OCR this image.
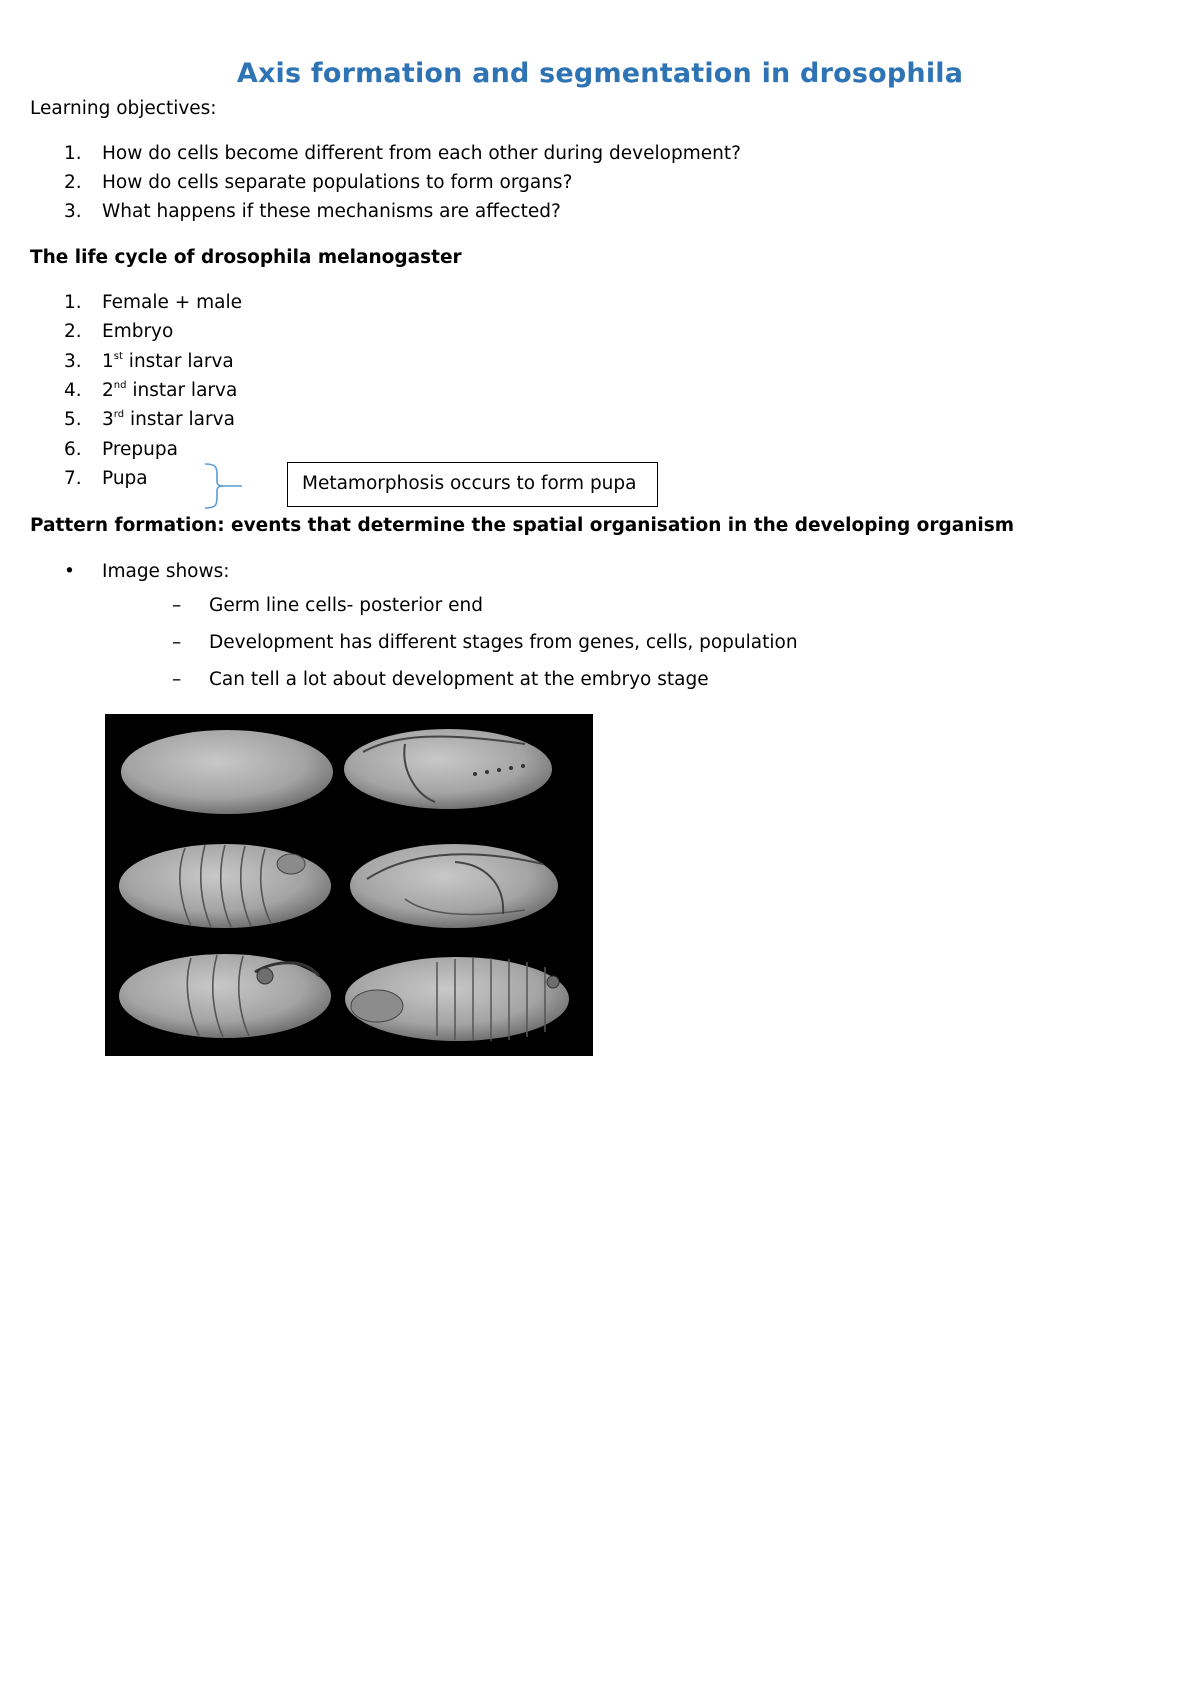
Axis formation and segmentation in drosophila
Learning objectives:
1. How do cells become different from each other during development?
2. How do cells separate populations to form organs?
3. What happens if these mechanisms are affected?
The life cycle of drosophila melanogaster
1. Female + male
2. Embryo
3. 1st instar larva
4. 2nd instar larva
5. 3rd instar larva
6. Prepupa
7. Pupa	Metamorphosis occurs to form pupa
Pattern formation: events that determine the spatial organisation in the developing organism
• Image shows:
– Germ line cells- posterior end
– Development has different stages from genes, cells, population
– Can tell a lot about development at the embryo stage
